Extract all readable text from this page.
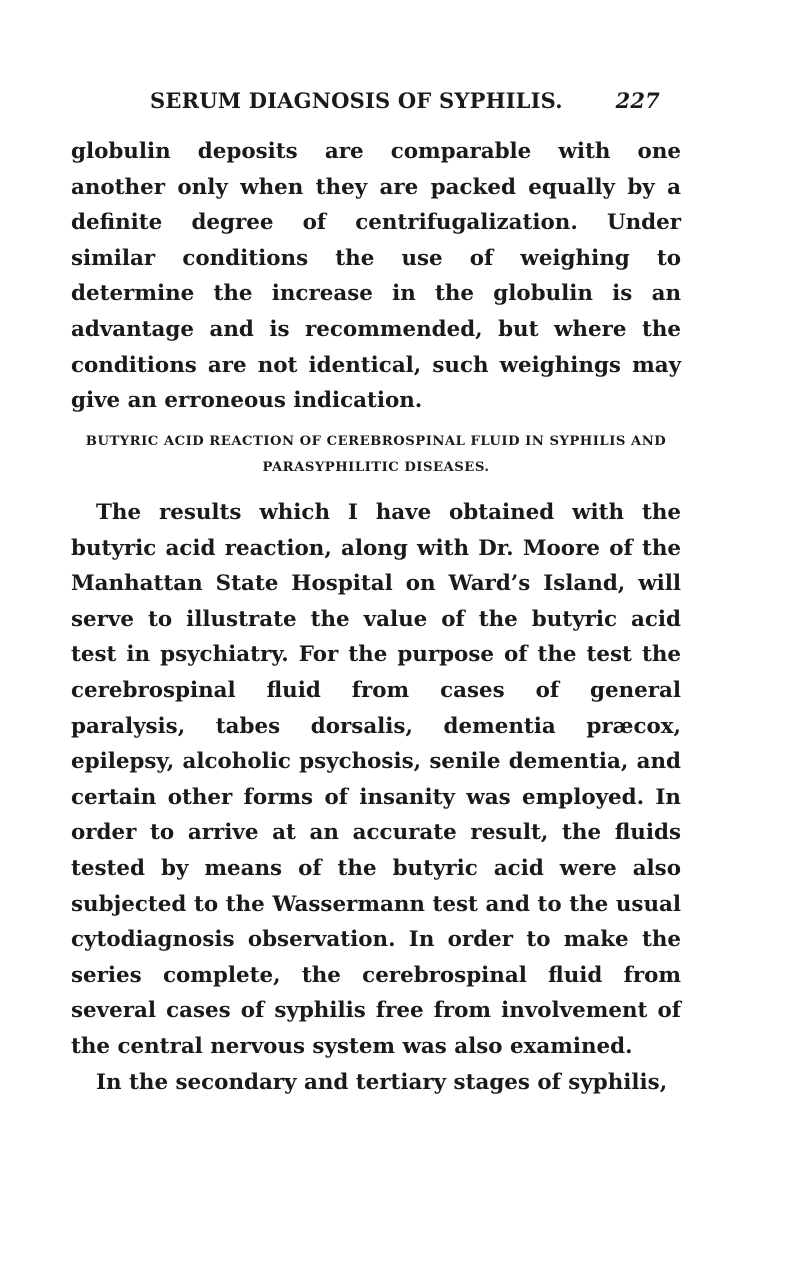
SERUM DIAGNOSIS OF SYPHILIS.	227

globulin deposits are comparable with one another only when they are packed equally by a definite degree of centrifugalization. Under similar conditions the use of weighing to determine the increase in the globulin is an advantage and is recommended, but where the conditions are not identical, such weighings may give an erroneous indication.

BUTYRIC ACID REACTION OF CEREBROSPINAL FLUID IN SYPHILIS AND PARASYPHILITIC DISEASES.

The results which I have obtained with the butyric acid reaction, along with Dr. Moore of the Manhattan State Hospital on Ward’s Island, will serve to illustrate the value of the butyric acid test in psychiatry. For the purpose of the test the cerebrospinal fluid from cases of general paralysis, tabes dorsalis, dementia præcox, epilepsy, alcoholic psychosis, senile dementia, and certain other forms of insanity was employed. In order to arrive at an accurate result, the fluids tested by means of the butyric acid were also subjected to the Wassermann test and to the usual cytodiagnosis observation. In order to make the series complete, the cerebrospinal fluid from several cases of syphilis free from involvement of the central nervous system was also examined.

In the secondary and tertiary stages of syphilis,
